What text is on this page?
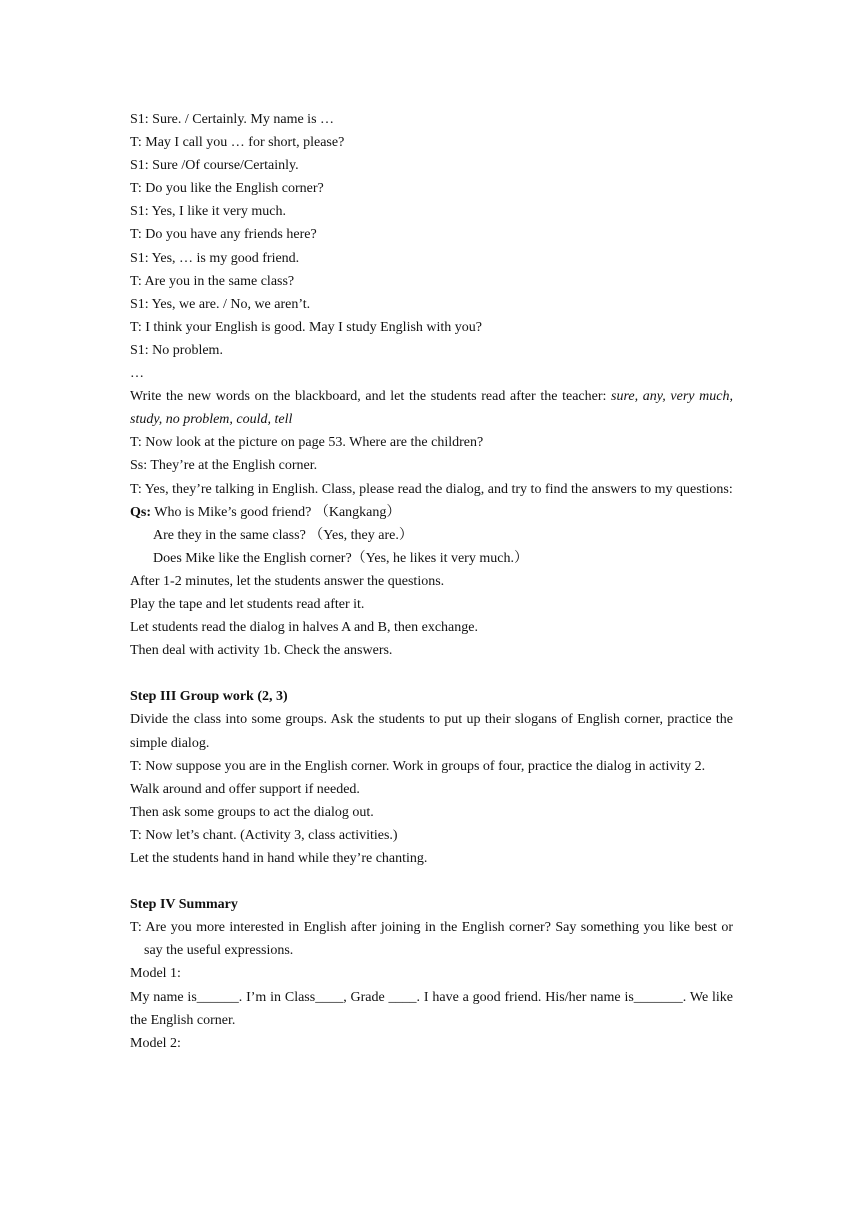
S1: Sure. / Certainly. My name is …
T: May I call you … for short, please?
S1: Sure /Of course/Certainly.
T: Do you like the English corner?
S1: Yes, I like it very much.
T: Do you have any friends here?
S1: Yes, … is my good friend.
T: Are you in the same class?
S1: Yes, we are. / No, we aren’t.
T: I think your English is good. May I study English with you?
S1: No problem.
…
Write the new words on the blackboard, and let the students read after the teacher: sure, any, very much, study, no problem, could, tell
T: Now look at the picture on page 53. Where are the children?
Ss: They’re at the English corner.
T: Yes, they’re talking in English. Class, please read the dialog, and try to find the answers to my questions:
Qs: Who is Mike’s good friend? （Kangkang）
Are they in the same class? （Yes, they are.）
Does Mike like the English corner?（Yes, he likes it very much.）
After 1-2 minutes, let the students answer the questions.
Play the tape and let students read after it.
Let students read the dialog in halves A and B, then exchange.
Then deal with activity 1b. Check the answers.
Step III Group work (2, 3)
Divide the class into some groups. Ask the students to put up their slogans of English corner, practice the simple dialog.
T: Now suppose you are in the English corner. Work in groups of four, practice the dialog in activity 2.
Walk around and offer support if needed.
Then ask some groups to act the dialog out.
T: Now let’s chant. (Activity 3, class activities.)
Let the students hand in hand while they’re chanting.
Step IV Summary
T: Are you more interested in English after joining in the English corner? Say something you like best or say the useful expressions.
Model 1:
My name is______. I’m in Class____, Grade ____. I have a good friend. His/her name is_______. We like the English corner.
Model 2:
